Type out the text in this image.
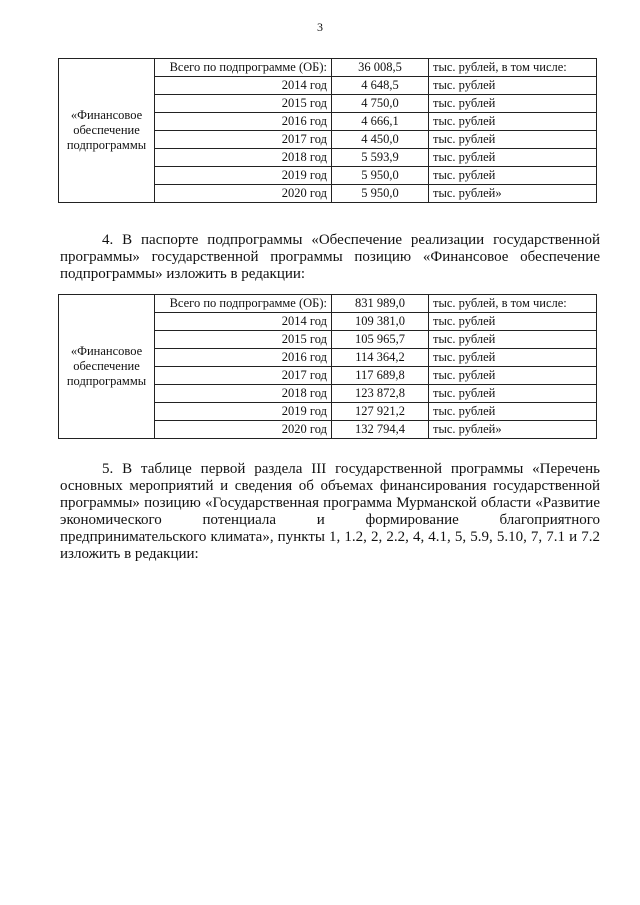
3
«Финансовое обеспечение подпрограммы	Всего по подпрограмме (ОБ):	36 008,5	тыс. рублей, в том числе:
	2014 год	4 648,5	тыс. рублей
	2015 год	4 750,0	тыс. рублей
	2016 год	4 666,1	тыс. рублей
	2017 год	4 450,0	тыс. рублей
	2018 год	5 593,9	тыс. рублей
	2019 год	5 950,0	тыс. рублей
	2020 год	5 950,0	тыс. рублей»
4. В паспорте подпрограммы «Обеспечение реализации государственной программы» государственной программы позицию «Финансовое обеспечение подпрограммы» изложить в редакции:
«Финансовое обеспечение подпрограммы	Всего по подпрограмме (ОБ):	831 989,0	тыс. рублей, в том числе:
	2014 год	109 381,0	тыс. рублей
	2015 год	105 965,7	тыс. рублей
	2016 год	114 364,2	тыс. рублей
	2017 год	117 689,8	тыс. рублей
	2018 год	123 872,8	тыс. рублей
	2019 год	127 921,2	тыс. рублей
	2020 год	132 794,4	тыс. рублей»
5. В таблице первой раздела III государственной программы «Перечень основных мероприятий и сведения об объемах финансирования государственной программы» позицию «Государственная программа Мурманской области «Развитие экономического потенциала и формирование благоприятного предпринимательского климата», пункты 1, 1.2, 2, 2.2, 4, 4.1, 5, 5.9, 5.10, 7, 7.1 и 7.2 изложить в редакции:
